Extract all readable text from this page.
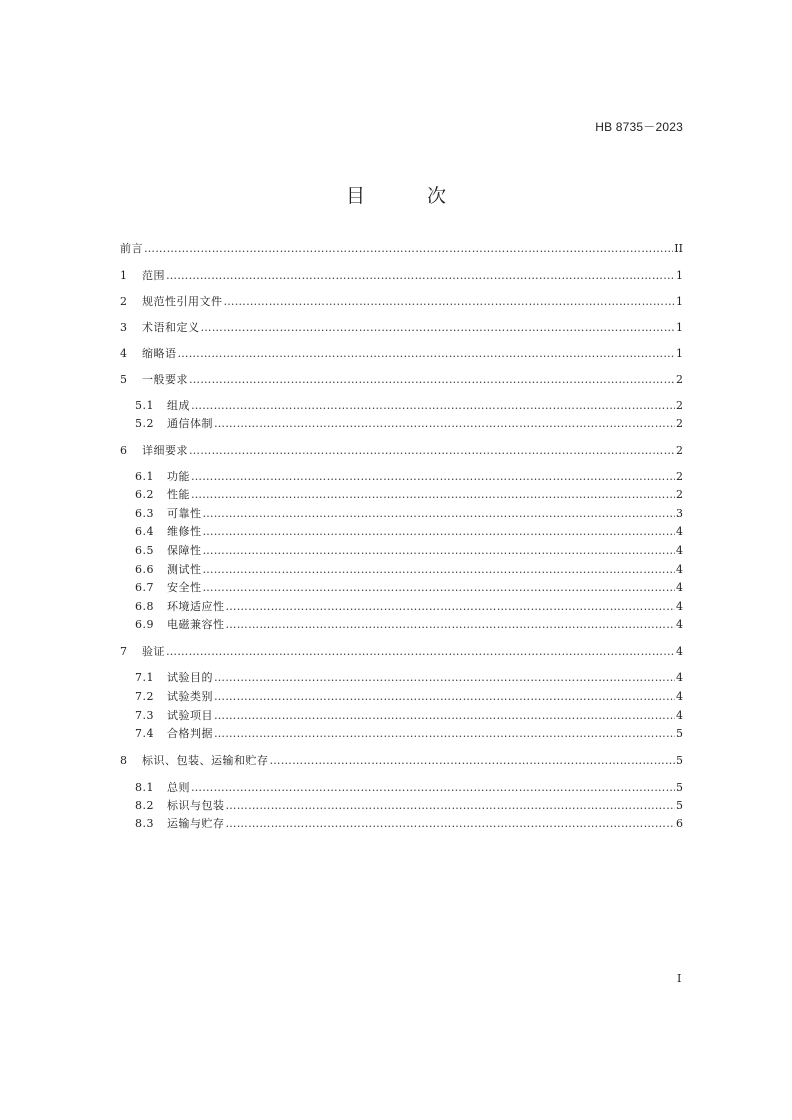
HB 8735－2023
目 次
前言 ……………………………………………………………………………………………………………………………………………………………………………………………………………	II
1	范围 ……………………………………………………………………………………………………………………………………………………………………………………………………………	1
2	规范性引用文件 ……………………………………………………………………………………………………………………………………………………………………………………………………………	1
3	术语和定义 ……………………………………………………………………………………………………………………………………………………………………………………………………………	1
4	缩略语 ……………………………………………………………………………………………………………………………………………………………………………………………………………	1
5	一般要求 ……………………………………………………………………………………………………………………………………………………………………………………………………………	2
5.1	组成 ……………………………………………………………………………………………………………………………………………………………………………………………………………	2
5.2	通信体制 ……………………………………………………………………………………………………………………………………………………………………………………………………………	2
6	详细要求 ……………………………………………………………………………………………………………………………………………………………………………………………………………	2
6.1	功能 ……………………………………………………………………………………………………………………………………………………………………………………………………………	2
6.2	性能 ……………………………………………………………………………………………………………………………………………………………………………………………………………	2
6.3	可靠性 ……………………………………………………………………………………………………………………………………………………………………………………………………………	3
6.4	维修性 ……………………………………………………………………………………………………………………………………………………………………………………………………………	4
6.5	保障性 ……………………………………………………………………………………………………………………………………………………………………………………………………………	4
6.6	测试性 ……………………………………………………………………………………………………………………………………………………………………………………………………………	4
6.7	安全性 ……………………………………………………………………………………………………………………………………………………………………………………………………………	4
6.8	环境适应性 ……………………………………………………………………………………………………………………………………………………………………………………………………………	4
6.9	电磁兼容性 ……………………………………………………………………………………………………………………………………………………………………………………………………………	4
7	验证 ……………………………………………………………………………………………………………………………………………………………………………………………………………	4
7.1	试验目的 ……………………………………………………………………………………………………………………………………………………………………………………………………………	4
7.2	试验类别 ……………………………………………………………………………………………………………………………………………………………………………………………………………	4
7.3	试验项目 ……………………………………………………………………………………………………………………………………………………………………………………………………………	4
7.4	合格判据 ……………………………………………………………………………………………………………………………………………………………………………………………………………	5
8	标识、包装、运输和贮存 ……………………………………………………………………………………………………………………………………………………………………………………………………………	5
8.1	总则 ……………………………………………………………………………………………………………………………………………………………………………………………………………	5
8.2	标识与包装 ……………………………………………………………………………………………………………………………………………………………………………………………………………	5
8.3	运输与贮存 ……………………………………………………………………………………………………………………………………………………………………………………………………………	6
I
